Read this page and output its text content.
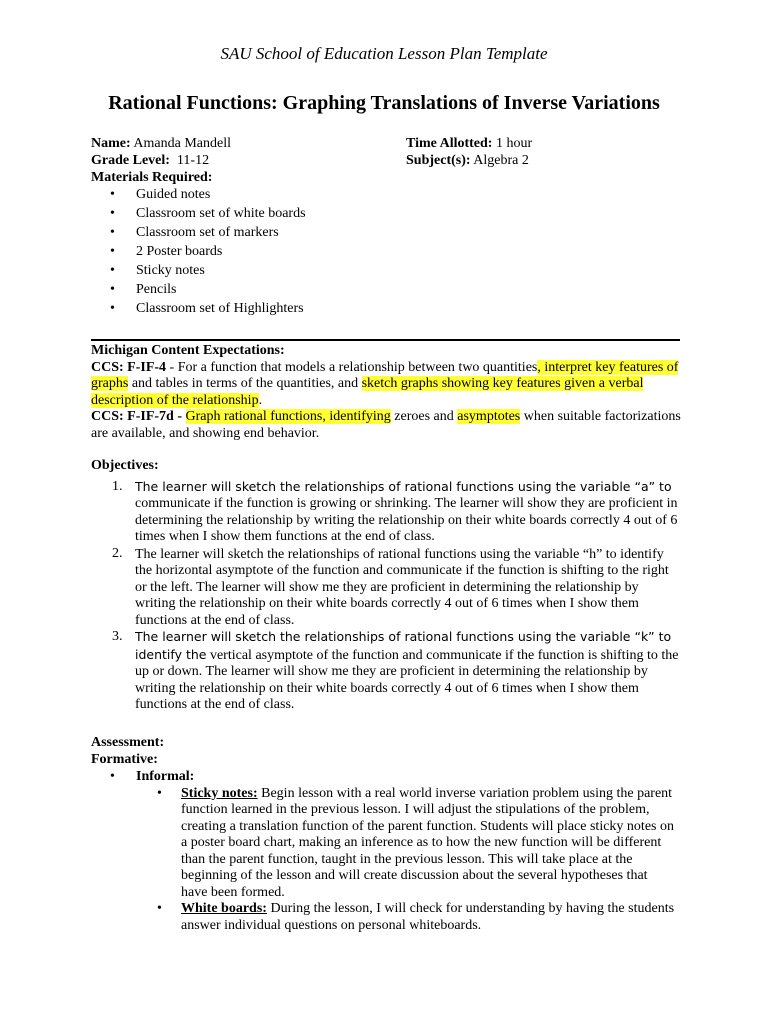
SAU School of Education Lesson Plan Template
Rational Functions: Graphing Translations of Inverse Variations
Name: Amanda Mandell
Grade Level: 11-12
Materials Required:
• Guided notes
• Classroom set of white boards
• Classroom set of markers
• 2 Poster boards
• Sticky notes
• Pencils
• Classroom set of Highlighters
Time Allotted: 1 hour
Subject(s): Algebra 2
Michigan Content Expectations:
CCS: F-IF-4 - For a function that models a relationship between two quantities, interpret key features of graphs and tables in terms of the quantities, and sketch graphs showing key features given a verbal description of the relationship.
CCS: F-IF-7d - Graph rational functions, identifying zeroes and asymptotes when suitable factorizations are available, and showing end behavior.
Objectives:
1. The learner will sketch the relationships of rational functions using the variable “a” to communicate if the function is growing or shrinking. The learner will show they are proficient in determining the relationship by writing the relationship on their white boards correctly 4 out of 6 times when I show them functions at the end of class.
2. The learner will sketch the relationships of rational functions using the variable “h” to identify the horizontal asymptote of the function and communicate if the function is shifting to the right or the left. The learner will show me they are proficient in determining the relationship by writing the relationship on their white boards correctly 4 out of 6 times when I show them functions at the end of class.
3. The learner will sketch the relationships of rational functions using the variable “k” to identify the vertical asymptote of the function and communicate if the function is shifting to the up or down. The learner will show me they are proficient in determining the relationship by writing the relationship on their white boards correctly 4 out of 6 times when I show them functions at the end of class.
Assessment:
Formative:
• Informal:
• Sticky notes: Begin lesson with a real world inverse variation problem using the parent function learned in the previous lesson. I will adjust the stipulations of the problem, creating a translation function of the parent function. Students will place sticky notes on a poster board chart, making an inference as to how the new function will be different than the parent function, taught in the previous lesson. This will take place at the beginning of the lesson and will create discussion about the several hypotheses that have been formed.
• White boards: During the lesson, I will check for understanding by having the students answer individual questions on personal whiteboards.
